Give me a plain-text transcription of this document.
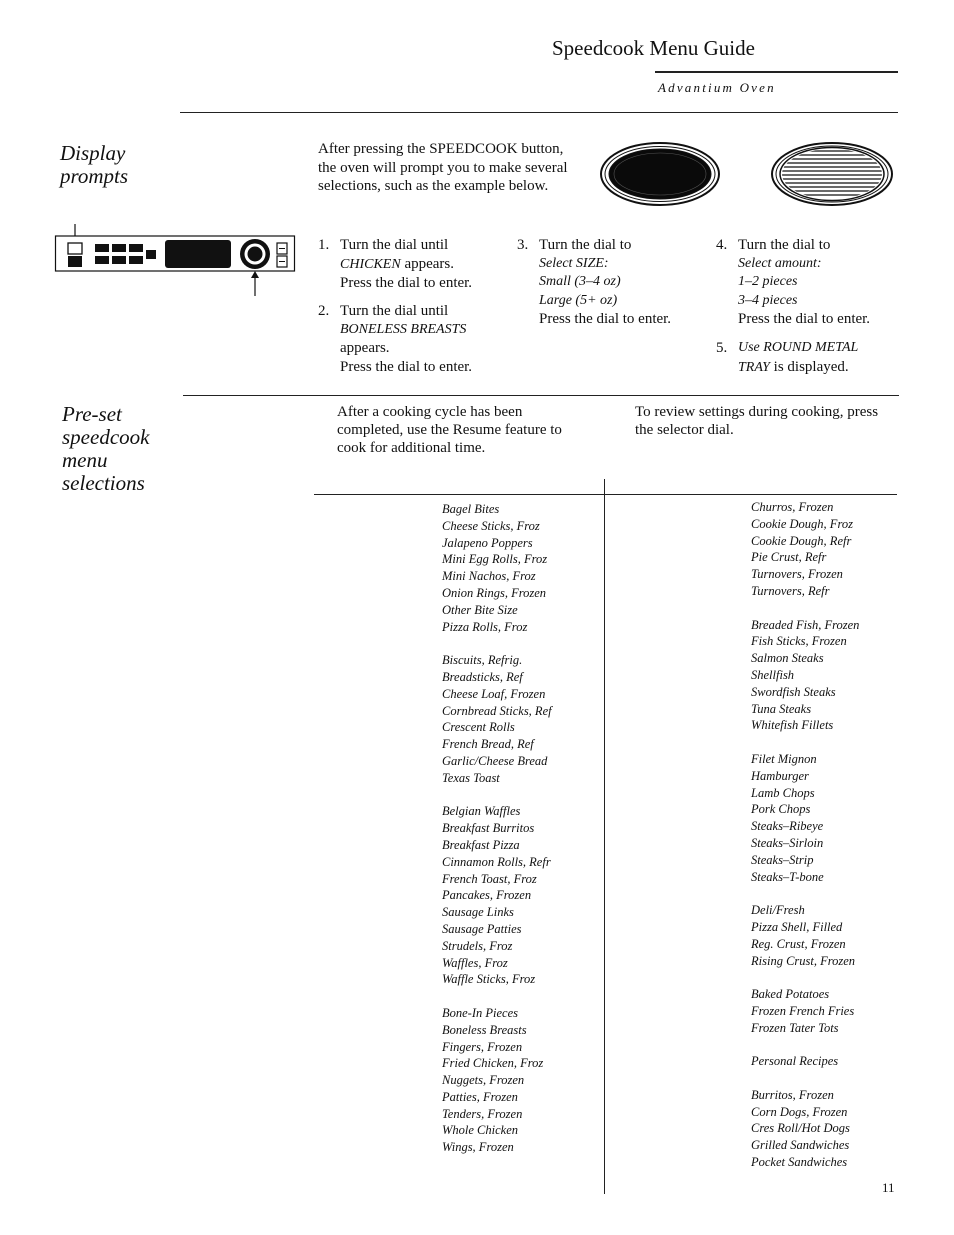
Speedcook Menu Guide
Advantium Oven
Display
prompts
After pressing the SPEEDCOOK button, the oven will prompt you to make several selections, such as the example below.
1. Turn the dial until
CHICKEN appears.
Press the dial to enter.
2. Turn the dial until
BONELESS BREASTS
appears.
Press the dial to enter.
3. Turn the dial to
Select SIZE:
Small (3–4 oz)
Large (5+ oz)
Press the dial to enter.
4. Turn the dial to
Select amount:
1–2 pieces
3–4 pieces
Press the dial to enter.
5. Use ROUND METAL
TRAY is displayed.
Pre-set
speedcook
menu
selections
After a cooking cycle has been completed, use the Resume feature to cook for additional time.
To review settings during cooking, press the selector dial.
Bagel Bites
Cheese Sticks, Froz
Jalapeno Poppers
Mini Egg Rolls, Froz
Mini Nachos, Froz
Onion Rings, Frozen
Other Bite Size
Pizza Rolls, Froz
Biscuits, Refrig.
Breadsticks, Ref
Cheese Loaf, Frozen
Cornbread Sticks, Ref
Crescent Rolls
French Bread, Ref
Garlic/Cheese Bread
Texas Toast
Belgian Waffles
Breakfast Burritos
Breakfast Pizza
Cinnamon Rolls, Refr
French Toast, Froz
Pancakes, Frozen
Sausage Links
Sausage Patties
Strudels, Froz
Waffles, Froz
Waffle Sticks, Froz
Bone-In Pieces
Boneless Breasts
Fingers, Frozen
Fried Chicken, Froz
Nuggets, Frozen
Patties, Frozen
Tenders, Frozen
Whole Chicken
Wings, Frozen
Churros, Frozen
Cookie Dough, Froz
Cookie Dough, Refr
Pie Crust, Refr
Turnovers, Frozen
Turnovers, Refr
Breaded Fish, Frozen
Fish Sticks, Frozen
Salmon Steaks
Shellfish
Swordfish Steaks
Tuna Steaks
Whitefish Fillets
Filet Mignon
Hamburger
Lamb Chops
Pork Chops
Steaks–Ribeye
Steaks–Sirloin
Steaks–Strip
Steaks–T-bone
Deli/Fresh
Pizza Shell, Filled
Reg. Crust, Frozen
Rising Crust, Frozen
Baked Potatoes
Frozen French Fries
Frozen Tater Tots
Personal Recipes
Burritos, Frozen
Corn Dogs, Frozen
Cres Roll/Hot Dogs
Grilled Sandwiches
Pocket Sandwiches
11
